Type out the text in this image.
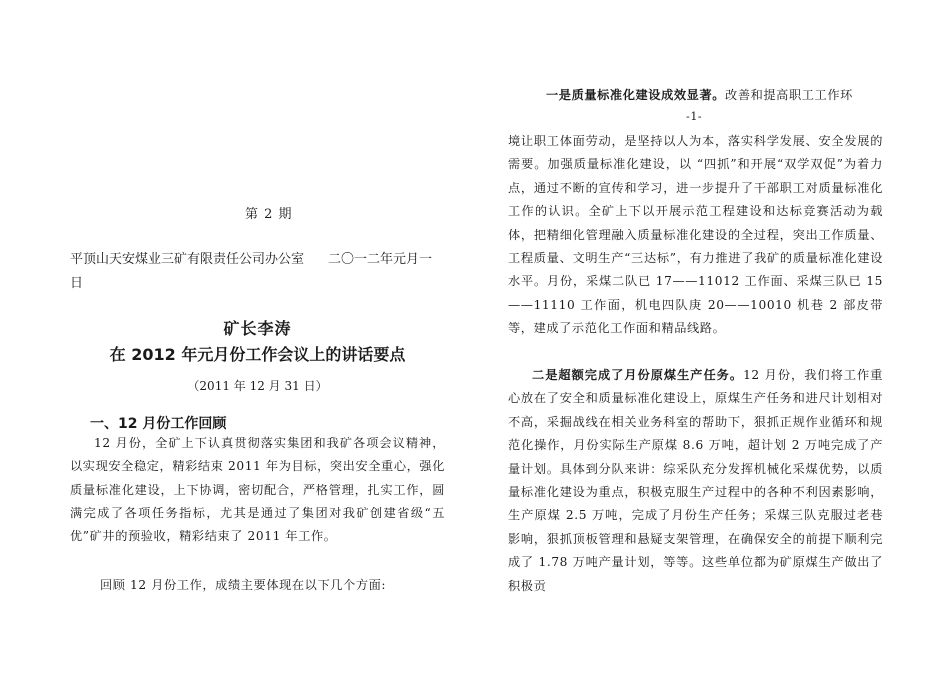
第 2 期
平顶山天安煤业三矿有限责任公司办公室 二〇一二年元月一
日
矿长李涛
在 2012 年元月份工作会议上的讲话要点
（2011 年 12 月 31 日）
一、12 月份工作回顾

12 月份，全矿上下认真贯彻落实集团和我矿各项会议精神，以实现安全稳定，精彩结束 2011 年为目标，突出安全重心，强化质量标准化建设，上下协调，密切配合，严格管理，扎实工作，圆满完成了各项任务指标，尤其是通过了集团对我矿创建省级“五优”矿井的预验收，精彩结束了 2011 年工作。

回顾 12 月份工作，成绩主要体现在以下几个方面:

一是质量标准化建设成效显著。改善和提高职工工作环
-1-

境让职工体面劳动，是坚持以人为本，落实科学发展、安全发展的需要。加强质量标准化建设，以 “四抓”和开展“双学双促”为着力点，通过不断的宣传和学习，进一步提升了干部职工对质量标准化工作的认识。全矿上下以开展示范工程建设和达标竞赛活动为载体，把精细化管理融入质量标准化建设的全过程，突出工作质量、工程质量、文明生产“三达标”，有力推进了我矿的质量标准化建设水平。月份，采煤二队已 17——11012 工作面、采煤三队已 15——11110 工作面，机电四队庚 20——10010 机巷 2 部皮带等，建成了示范化工作面和精品线路。

二是超额完成了月份原煤生产任务。12 月份，我们将工作重心放在了安全和质量标准化建设上，原煤生产任务和进尺计划相对不高，采掘战线在相关业务科室的帮助下，狠抓正规作业循环和规范化操作，月份实际生产原煤 8.6 万吨，超计划 2 万吨完成了产量计划。具体到分队来讲：综采队充分发挥机械化采煤优势，以质量标准化建设为重点，积极克服生产过程中的各种不利因素影响，生产原煤 2.5 万吨，完成了月份生产任务；采煤三队克服过老巷影响，狠抓顶板管理和悬疑支架管理，在确保安全的前提下顺利完成了 1.78 万吨产量计划，等等。这些单位都为矿原煤生产做出了积极贡
